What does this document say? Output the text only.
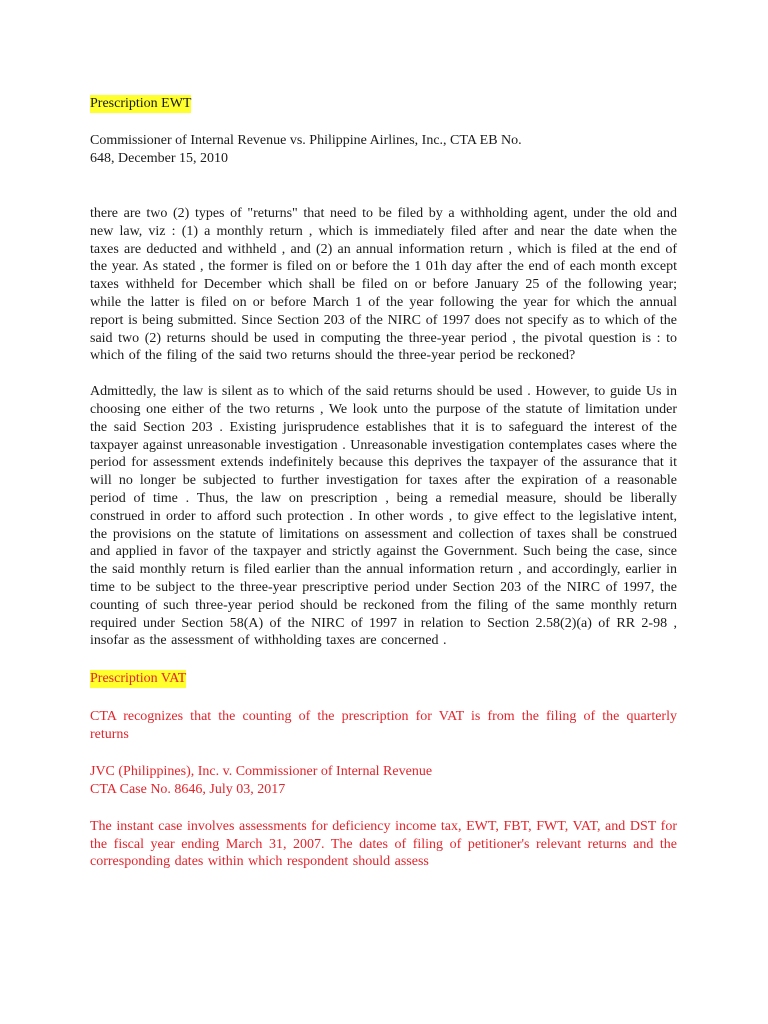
Prescription EWT

Commissioner of Internal Revenue vs. Philippine Airlines, Inc., CTA EB No.
648, December 15, 2010

there are two (2) types of "returns" that need to be filed by a withholding agent, under the old and new law, viz : (1) a monthly return , which is immediately filed after and near the date when the taxes are deducted and withheld , and (2) an annual information return , which is filed at the end of the year. As stated , the former is filed on or before the 1 01h day after the end of each month except taxes withheld for December which shall be filed on or before January 25 of the following year; while the latter is filed on or before March 1 of the year following the year for which the annual report is being submitted. Since Section 203 of the NIRC of 1997 does not specify as to which of the said two (2) returns should be used in computing the three-year period , the pivotal question is : to which of the filing of the said two returns should the three-year period be reckoned?

Admittedly, the law is silent as to which of the said returns should be used . However, to guide Us in choosing one either of the two returns , We look unto the purpose of the statute of limitation under the said Section 203 . Existing jurisprudence establishes that it is to safeguard the interest of the taxpayer against unreasonable investigation . Unreasonable investigation contemplates cases where the period for assessment extends indefinitely because this deprives the taxpayer of the assurance that it will no longer be subjected to further investigation for taxes after the expiration of a reasonable period of time . Thus, the law on prescription , being a remedial measure, should be liberally construed in order to afford such protection . In other words , to give effect to the legislative intent, the provisions on the statute of limitations on assessment and collection of taxes shall be construed and applied in favor of the taxpayer and strictly against the Government. Such being the case, since the said monthly return is filed earlier than the annual information return , and accordingly, earlier in time to be subject to the three-year prescriptive period under Section 203 of the NIRC of 1997, the counting of such three-year period should be reckoned from the filing of the same monthly return required under Section 58(A) of the NIRC of 1997 in relation to Section 2.58(2)(a) of RR 2-98 , insofar as the assessment of withholding taxes are concerned .

Prescription VAT

CTA recognizes that the counting of the prescription for VAT is from the filing of the quarterly returns

JVC (Philippines), Inc. v. Commissioner of Internal Revenue
CTA Case No. 8646, July 03, 2017

The instant case involves assessments for deficiency income tax, EWT, FBT, FWT, VAT, and DST for the fiscal year ending March 31, 2007. The dates of filing of petitioner's relevant returns and the corresponding dates within which respondent should assess
